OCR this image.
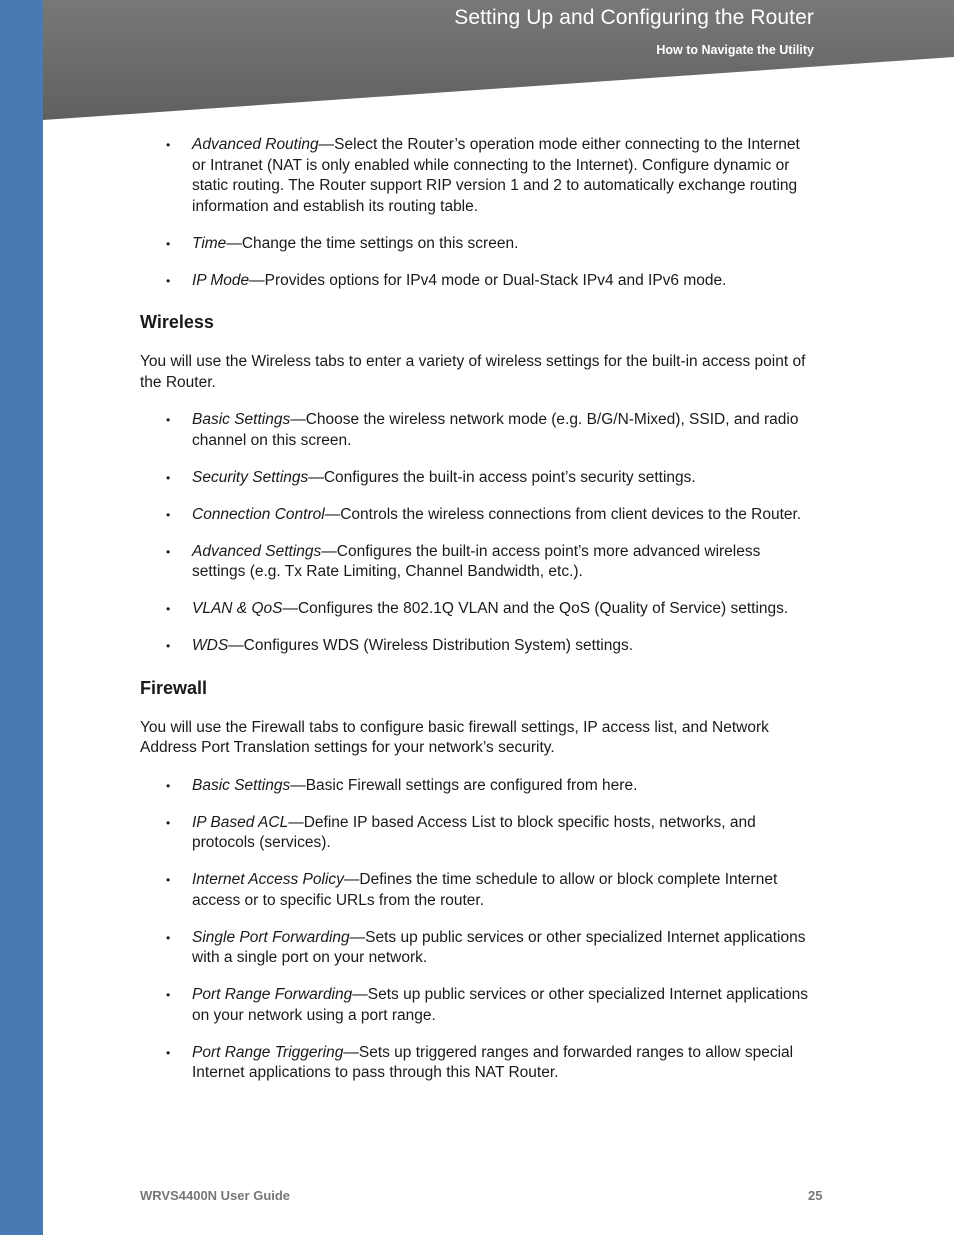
Setting Up and Configuring the Router
How to Navigate the Utility
• Advanced Routing—Select the Router’s operation mode either connecting to the Internet or Intranet (NAT is only enabled while connecting to the Internet). Configure dynamic or static routing. The Router support RIP version 1 and 2 to automatically exchange routing information and establish its routing table.
• Time—Change the time settings on this screen.
• IP Mode—Provides options for IPv4 mode or Dual-Stack IPv4 and IPv6 mode.
Wireless

You will use the Wireless tabs to enter a variety of wireless settings for the built-in access point of the Router.

• Basic Settings—Choose the wireless network mode (e.g. B/G/N-Mixed), SSID, and radio channel on this screen.
• Security Settings—Configures the built-in access point’s security settings.
• Connection Control—Controls the wireless connections from client devices to the Router.
• Advanced Settings—Configures the built-in access point’s more advanced wireless settings (e.g. Tx Rate Limiting, Channel Bandwidth, etc.).
• VLAN & QoS—Configures the 802.1Q VLAN and the QoS (Quality of Service) settings.
• WDS—Configures WDS (Wireless Distribution System) settings.
Firewall

You will use the Firewall tabs to configure basic firewall settings, IP access list, and Network Address Port Translation settings for your network’s security.

• Basic Settings—Basic Firewall settings are configured from here.
• IP Based ACL—Define IP based Access List to block specific hosts, networks, and protocols (services).
• Internet Access Policy—Defines the time schedule to allow or block complete Internet access or to specific URLs from the router.
• Single Port Forwarding—Sets up public services or other specialized Internet applications with a single port on your network.
• Port Range Forwarding—Sets up public services or other specialized Internet applications on your network using a port range.
• Port Range Triggering—Sets up triggered ranges and forwarded ranges to allow special Internet applications to pass through this NAT Router.
WRVS4400N User Guide	25
